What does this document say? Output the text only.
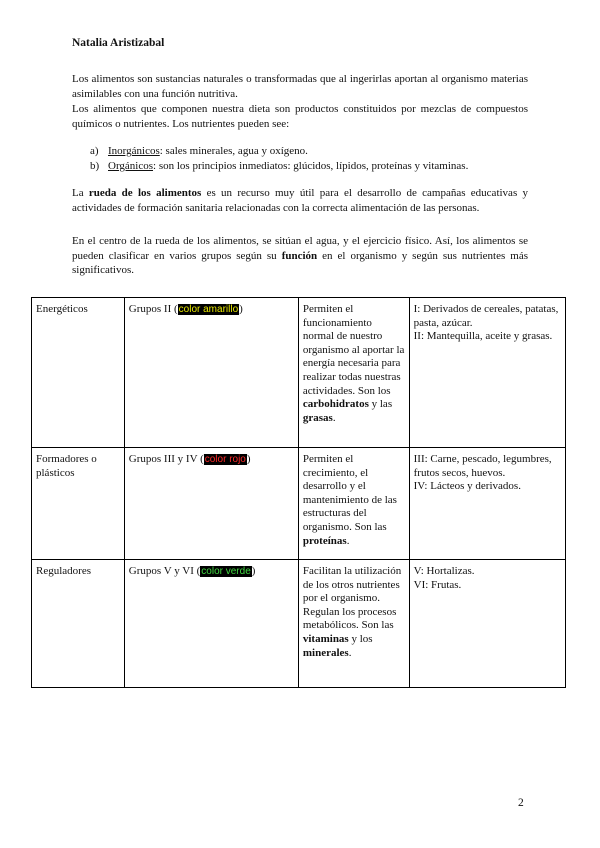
Natalia Aristizabal
Los alimentos son sustancias naturales o transformadas que al ingerirlas aportan al organismo materias asimilables con una función nutritiva.
Los alimentos que componen nuestra dieta son productos constituidos por mezclas de compuestos químicos o nutrientes. Los nutrientes pueden see:
a) Inorgánicos: sales minerales, agua y oxígeno.
b) Orgánicos: son los principios inmediatos: glúcidos, lípidos, proteínas y vitaminas.
La rueda de los alimentos es un recurso muy útil para el desarrollo de campañas educativas y actividades de formación sanitaria relacionadas con la correcta alimentación de las personas.
En el centro de la rueda de los alimentos, se sitúan el agua, y el ejercicio físico. Así, los alimentos se pueden clasificar en varios grupos según su función en el organismo y según sus nutrientes más significativos.
Energéticos	Grupos II (color amarillo)	Permiten el funcionamiento normal de nuestro organismo al aportar la energía necesaria para realizar todas nuestras actividades. Son los carbohidratos y las grasas.	I: Derivados de cereales, patatas, pasta, azúcar.
II: Mantequilla, aceite y grasas.

Formadores o plásticos	Grupos III y IV (color rojo)	Permiten el crecimiento, el desarrollo y el mantenimiento de las estructuras del organismo. Son las proteínas.	III: Carne, pescado, legumbres, frutos secos, huevos.
IV: Lácteos y derivados.

Reguladores	Grupos V y VI (color verde)	Facilitan la utilización de los otros nutrientes por el organismo. Regulan los procesos metabólicos. Son las vitaminas y los minerales.	V: Hortalizas.
VI: Frutas.
2
